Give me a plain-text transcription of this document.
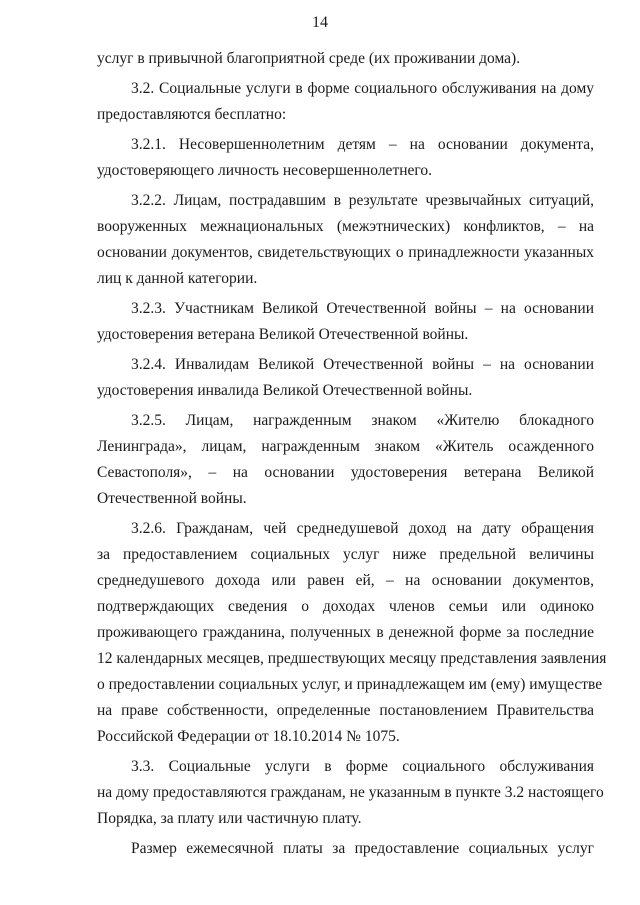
14
услуг в привычной благоприятной среде (их проживании дома).
3.2. Социальные услуги в форме социального обслуживания на дому
предоставляются бесплатно:
3.2.1. Несовершеннолетним детям – на основании документа,
удостоверяющего личность несовершеннолетнего.
3.2.2. Лицам, пострадавшим в результате чрезвычайных ситуаций,
вооруженных межнациональных (межэтнических) конфликтов, – на
основании документов, свидетельствующих о принадлежности указанных
лиц к данной категории.
3.2.3. Участникам Великой Отечественной войны – на основании
удостоверения ветерана Великой Отечественной войны.
3.2.4. Инвалидам Великой Отечественной войны – на основании
удостоверения инвалида Великой Отечественной войны.
3.2.5. Лицам, награжденным знаком «Жителю блокадного
Ленинграда», лицам, награжденным знаком «Житель осажденного
Севастополя», – на основании удостоверения ветерана Великой
Отечественной войны.
3.2.6. Гражданам, чей среднедушевой доход на дату обращения
за предоставлением социальных услуг ниже предельной величины
среднедушевого дохода или равен ей, – на основании документов,
подтверждающих сведения о доходах членов семьи или одиноко
проживающего гражданина, полученных в денежной форме за последние
12 календарных месяцев, предшествующих месяцу представления заявления
о предоставлении социальных услуг, и принадлежащем им (ему) имуществе
на праве собственности, определенные постановлением Правительства
Российской Федерации от 18.10.2014 № 1075.
3.3. Социальные услуги в форме социального обслуживания
на дому предоставляются гражданам, не указанным в пункте 3.2 настоящего
Порядка, за плату или частичную плату.
Размер ежемесячной платы за предоставление социальных услуг
